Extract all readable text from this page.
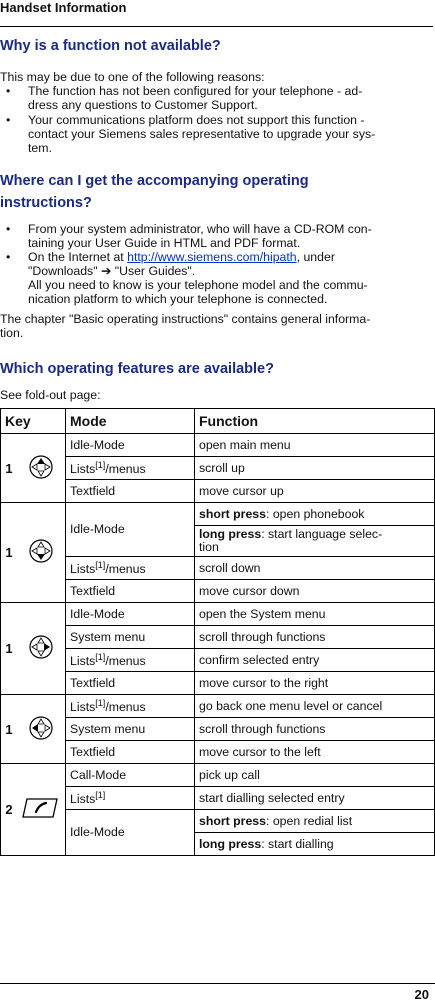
Handset Information
Why is a function not available?

This may be due to one of the following reasons:

• The function has not been configured for your telephone - ad-
dress any questions to Customer Support.
• Your communications platform does not support this function -
contact your Siemens sales representative to upgrade your sys-
tem.
Where can I get the accompanying operating
instructions?
• From your system administrator, who will have a CD-ROM con-
taining your User Guide in HTML and PDF format.
• On the Internet at http://www.siemens.com/hipath, under
"Downloads" ➔ "User Guides".
All you need to know is your telephone model and the commu-
nication platform to which your telephone is connected.

The chapter "Basic operating instructions" contains general informa-
tion.

Which operating features are available?

See fold-out page:

Key		Mode	Function
1		Idle-Mode	open main menu
		Lists[1]/menus	scroll up
		Textfield	move cursor up
1		Idle-Mode	short press: open phonebook
			long press: start language selec-
tion
		Lists[1]/menus	scroll down
		Textfield	move cursor down
1		Idle-Mode	open the System menu
		System menu	scroll through functions
		Lists[1]/menus	confirm selected entry
		Textfield	move cursor to the right
1		Lists[1]/menus	go back one menu level or cancel
		System menu	scroll through functions
		Textfield	move cursor to the left
2		Call-Mode	pick up call
		Lists[1]	start dialling selected entry
		Idle-Mode	short press: open redial list
			long press: start dialling
20
